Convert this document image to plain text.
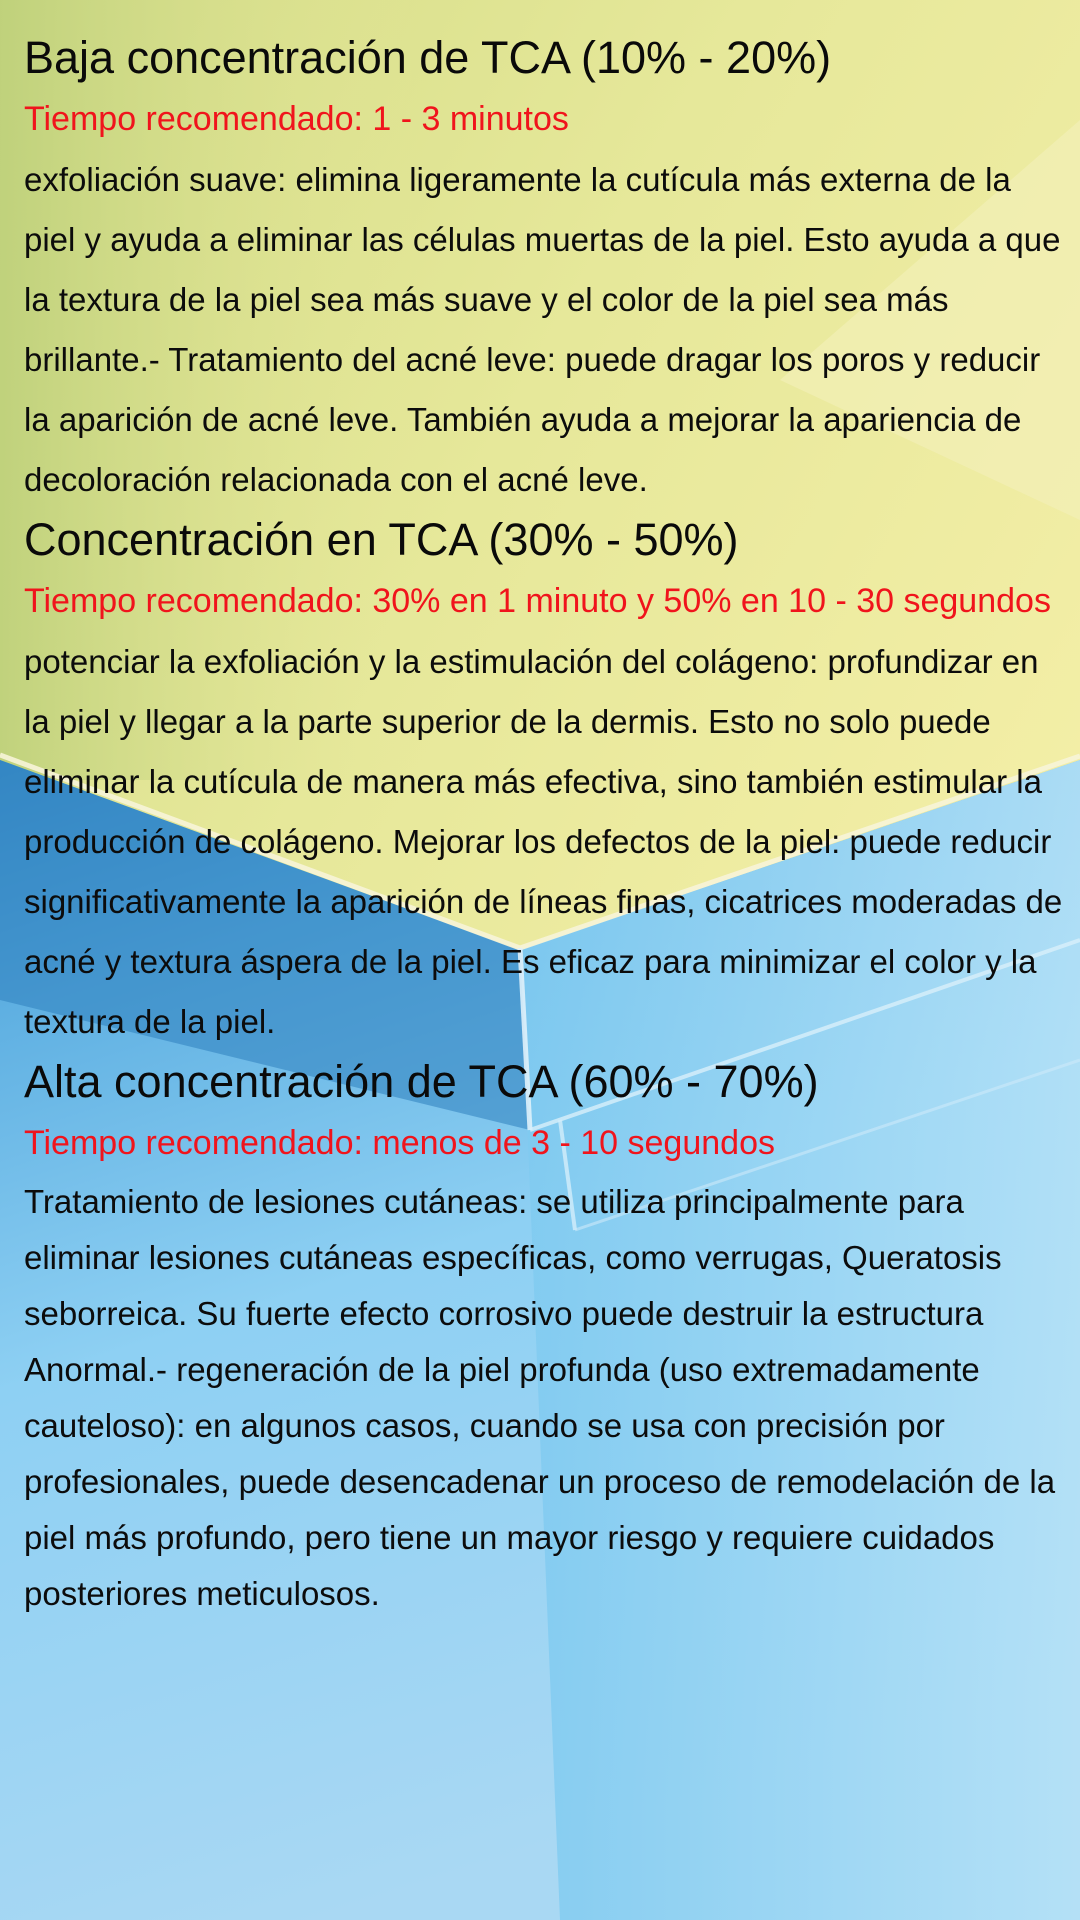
Baja concentración de TCA (10% - 20%)

Tiempo recomendado: 1 - 3 minutos

exfoliación suave: elimina ligeramente la cutícula más externa de la piel y ayuda a eliminar las células muertas de la piel. Esto ayuda a que la textura de la piel sea más suave y el color de la piel sea más brillante.- Tratamiento del acné leve: puede dragar los poros y reducir la aparición de acné leve. También ayuda a mejorar la apariencia de decoloración relacionada con el acné leve.

Concentración en TCA (30% - 50%)

Tiempo recomendado: 30% en 1 minuto y 50% en 10 - 30 segundos

potenciar la exfoliación y la estimulación del colágeno: profundizar en la piel y llegar a la parte superior de la dermis. Esto no solo puede eliminar la cutícula de manera más efectiva, sino también estimular la producción de colágeno. Mejorar los defectos de la piel: puede reducir significativamente la aparición de líneas finas, cicatrices moderadas de acné y textura áspera de la piel. Es eficaz para minimizar el color y la textura de la piel.

Alta concentración de TCA (60% - 70%)

Tiempo recomendado: menos de 3 - 10 segundos

Tratamiento de lesiones cutáneas: se utiliza principalmente para eliminar lesiones cutáneas específicas, como verrugas, Queratosis seborreica. Su fuerte efecto corrosivo puede destruir la estructura Anormal.- regeneración de la piel profunda (uso extremadamente cauteloso): en algunos casos, cuando se usa con precisión por profesionales, puede desencadenar un proceso de remodelación de la piel más profundo, pero tiene un mayor riesgo y requiere cuidados posteriores meticulosos.
